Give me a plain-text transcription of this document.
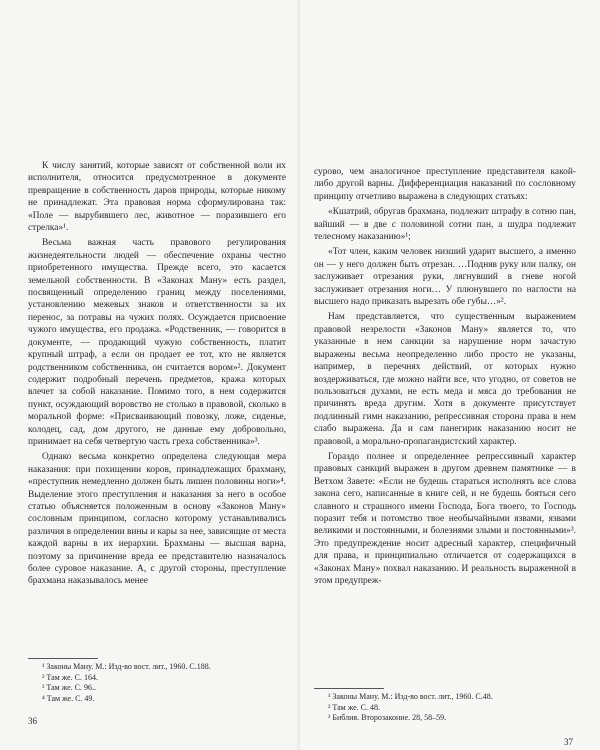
К числу занятий, которые зависят от собственной воли их исполнителя, относится предусмотренное в документе превращение в собственность даров природы, которые никому не принадлежат. Эта правовая норма сформулирована так: «Поле — вырубившего лес, животное — поразившего его стрелка»¹.

Весьма важная часть правового регулирования жизнедеятельности людей — обеспечение охраны честно приобретенного имущества. Прежде всего, это касается земельной собственности. В «Законах Ману» есть раздел, посвященный определению границ между поселениями, установлению межевых знаков и ответственности за их перенос, за потравы на чужих полях. Осуждается присвоение чужого имущества, его продажа. «Родственник, — говорится в документе, — продающий чужую собственность, платит крупный штраф, а если он продает ее тот, кто не является родственником собственника, он считается вором»². Документ содержит подробный перечень предметов, кража которых влечет за собой наказание. Помимо того, в нем содержится пункт, осуждающий воровство не столько в правовой, сколько в моральной форме: «Присваивающий повозку, ложе, сиденье, колодец, сад, дом другого, не данные ему добровольно, принимает на себя четвертую часть греха собственника»³.

Однако весьма конкретно определена следующая мера наказания: при похищении коров, принадлежащих брахману, «преступник немедленно должен быть лишен половины ноги»⁴. Выделение этого преступления и наказания за него в особое статью объясняется положенным в основу «Законов Ману» сословным принципом, согласно которому устанавливались различия в определении вины и кары за нее, зависящие от места каждой варны в их иерархии. Брахманы — высшая варна, поэтому за причинение вреда ее представителю назначалось более суровое наказание. А, с другой стороны, преступление брахмана наказывалось менее

¹ Законы Ману. М.: Изд-во вост. лит., 1960. С.188.

² Там же. С. 164.

³ Там же. С. 96..

⁴ Там же. С. 49.

36

сурово, чем аналогичное преступление представителя какой-либо другой варны. Дифференциация наказаний по сословному принципу отчетливо выражена в следующих статьях:

«Кшатрий, обругав брахмана, подлежит штрафу в сотню пан, вайший — в две с половиной сотни пан, а шудра подлежит телесному наказанию»¹;

«Тот член, каким человек низший ударит высшего, а именно он — у него должен быть отрезан. …Подняв руку или палку, он заслуживает отрезания руки, лягнувший в гневе ногой заслуживает отрезания ноги… У плюнувшего по наглости на высшего надо приказать вырезать обе губы…»².

Нам представляется, что существенным выражением правовой незрелости «Законов Ману» является то, что указанные в нем санкции за нарушение норм зачастую выражены весьма неопределенно либо просто не указаны, например, в перечнях действий, от которых нужно воздерживаться, где можно найти все, что угодно, от советов не пользоваться духами, не есть меда и мяса до требования не причинять вреда другим. Хотя в документе присутствует подлинный гимн наказанию, репрессивная сторона права в нем слабо выражена. Да и сам панегирик наказанию носит не правовой, а морально-пропагандистский характер.

Гораздо полнее и определеннее репрессивный характер правовых санкций выражен в другом древнем памятнике — в Ветхом Завете: «Если не будешь стараться исполнять все слова закона сего, написанные в книге сей, и не будешь бояться сего славного и страшного имени Господа, Бога твоего, то Господь поразит тебя и потомство твое необычайными язвами, язвами великими и постоянными, и болезнями злыми и постоянными»³. Это предупреждение носит адресный характер, специфичный для права, и принципиально отличается от содержащихся в «Законах Ману» похвал наказанию. И реальность выраженной в этом предупреж-

¹ Законы Ману. М.: Изд-во вост. лит., 1960. С.48.

² Там же. С. 48.

³ Библия. Второзаконие. 28, 58–59.

37
